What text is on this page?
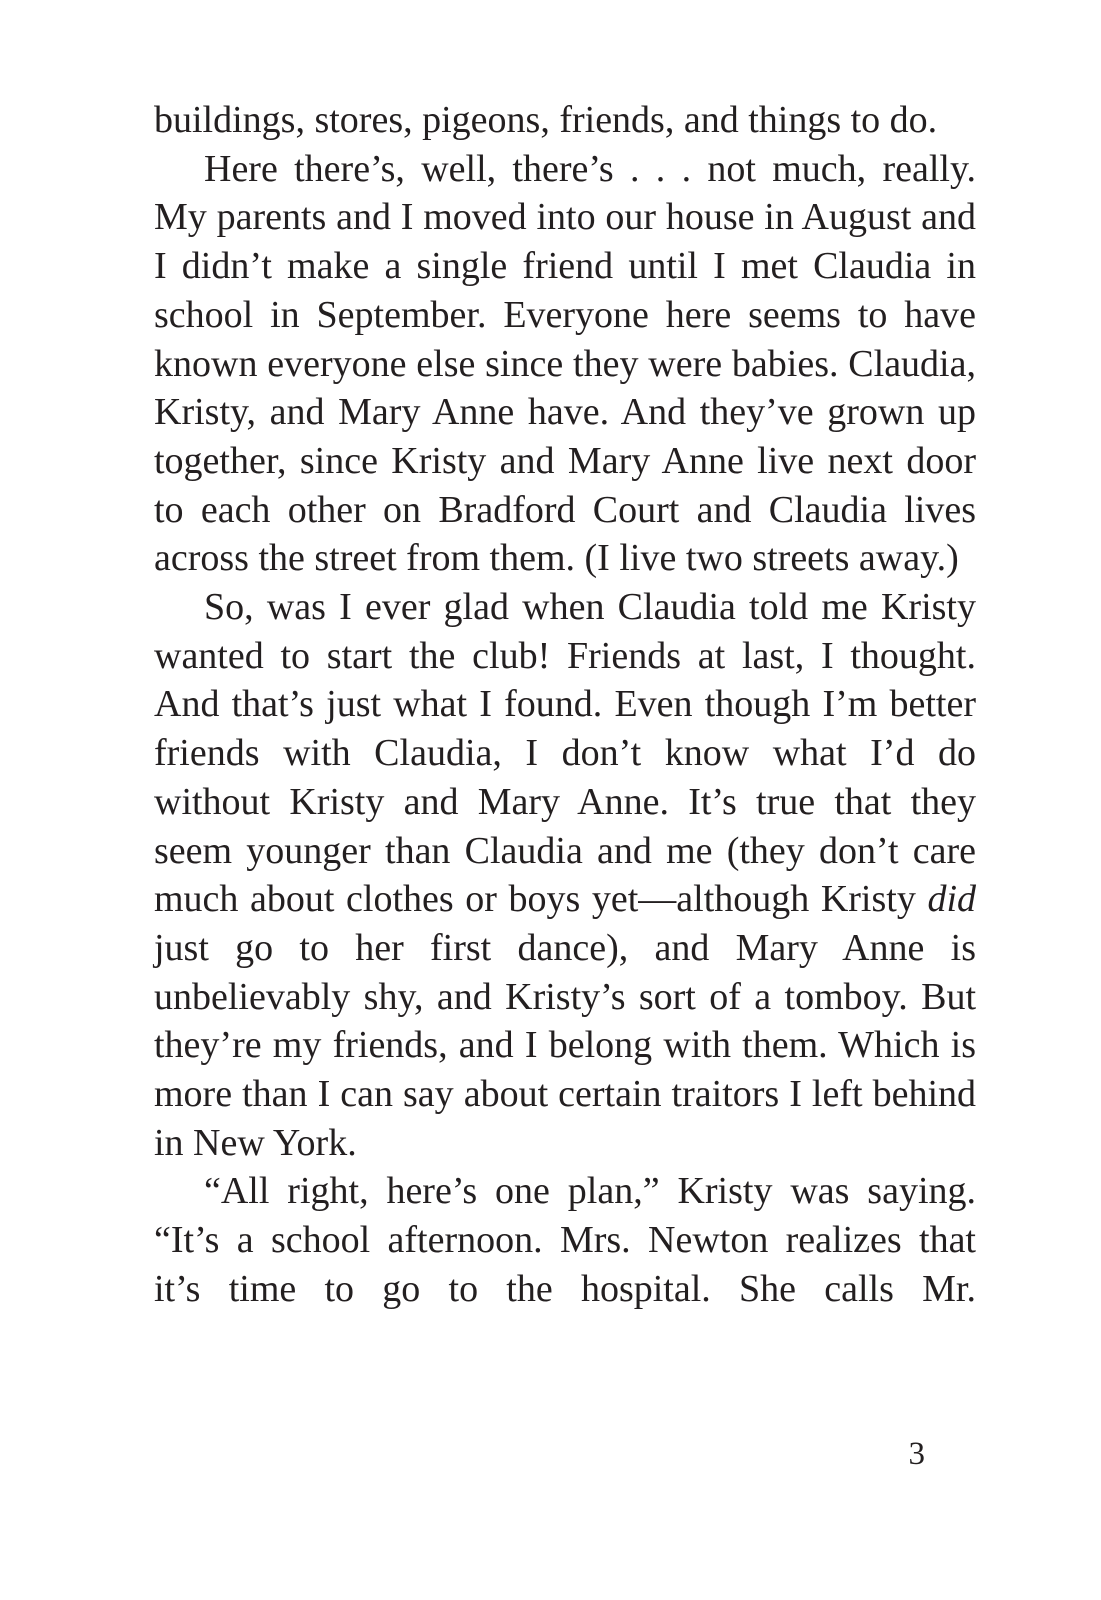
buildings, stores, pigeons, friends, and things to do.

Here there’s, well, there’s . . . not much, really. My parents and I moved into our house in August and I didn’t make a single friend until I met Claudia in school in September. Everyone here seems to have known everyone else since they were babies. Claudia, Kristy, and Mary Anne have. And they’ve grown up together, since Kristy and Mary Anne live next door to each other on Bradford Court and Claudia lives across the street from them. (I live two streets away.)

So, was I ever glad when Claudia told me Kristy wanted to start the club! Friends at last, I thought. And that’s just what I found. Even though I’m better friends with Claudia, I don’t know what I’d do without Kristy and Mary Anne. It’s true that they seem younger than Claudia and me (they don’t care much about clothes or boys yet—although Kristy did just go to her first dance), and Mary Anne is unbelievably shy, and Kristy’s sort of a tomboy. But they’re my friends, and I belong with them. Which is more than I can say about certain traitors I left behind in New York.

“All right, here’s one plan,” Kristy was saying. “It’s a school afternoon. Mrs. Newton realizes that it’s time to go to the hospital. She calls Mr.

3
